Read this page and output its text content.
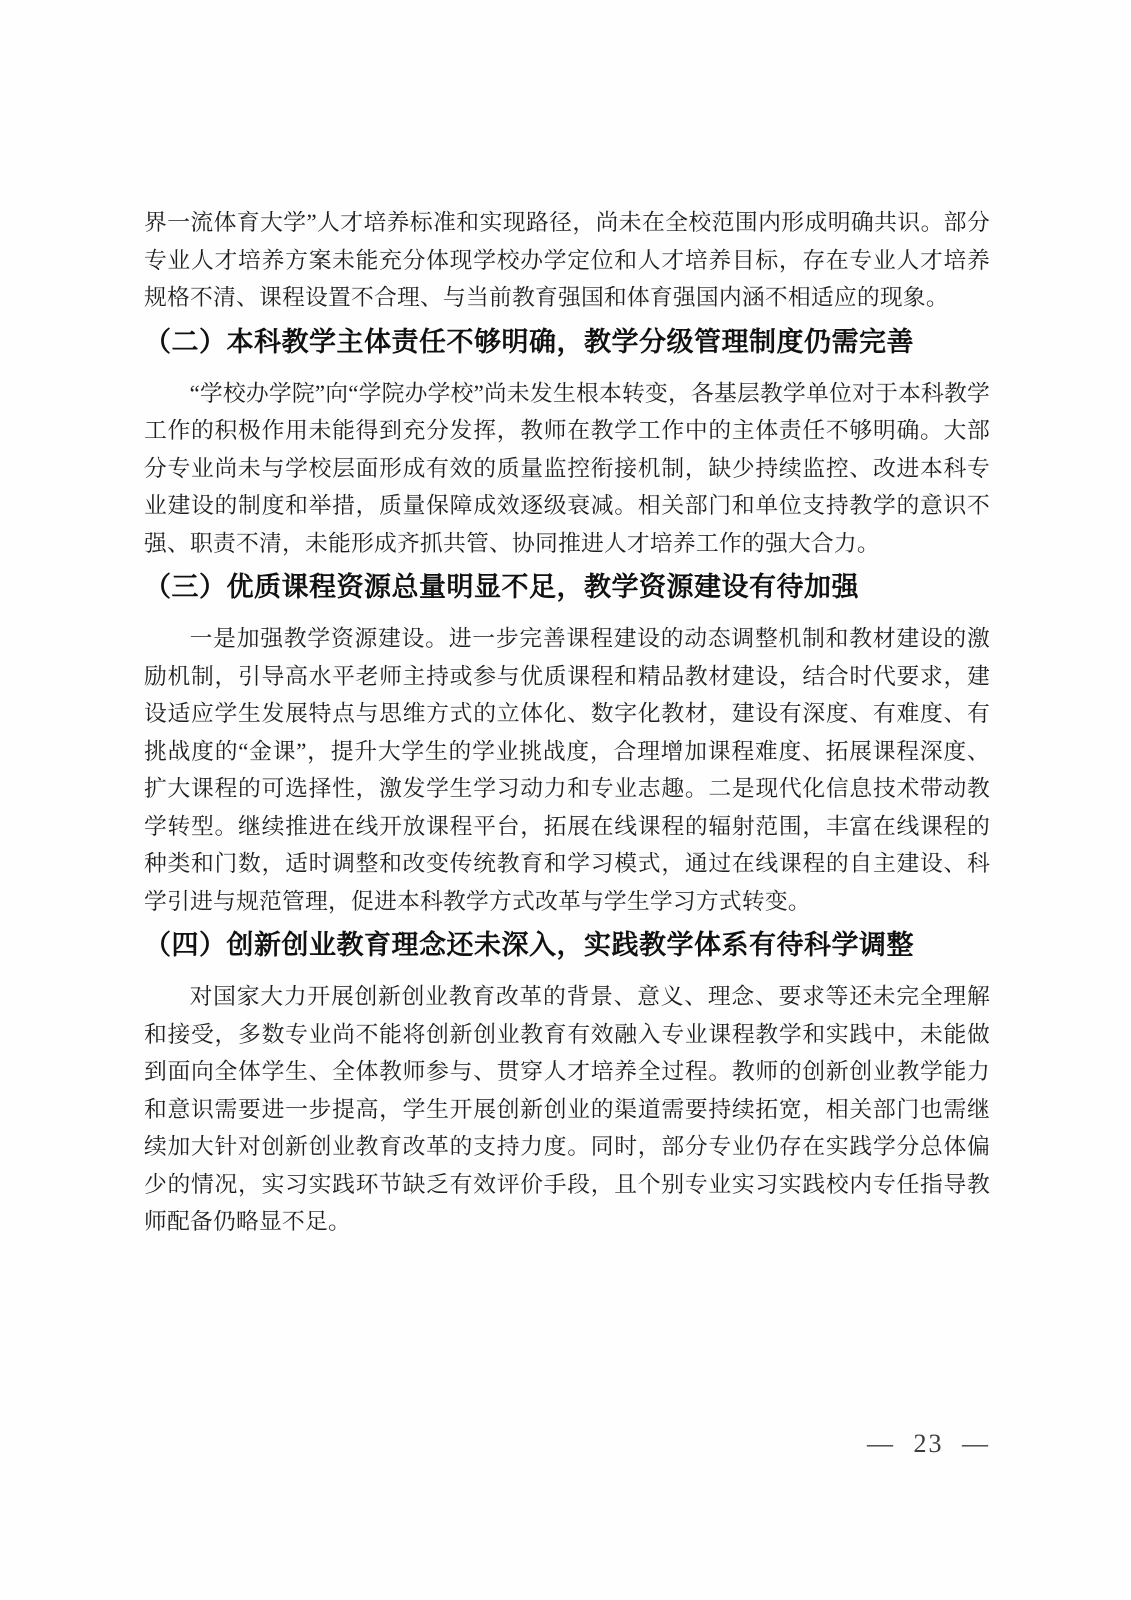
界一流体育大学”人才培养标准和实现路径，尚未在全校范围内形成明确共识。部分专业人才培养方案未能充分体现学校办学定位和人才培养目标，存在专业人才培养规格不清、课程设置不合理、与当前教育强国和体育强国内涵不相适应的现象。

（二）本科教学主体责任不够明确，教学分级管理制度仍需完善

“学校办学院”向“学院办学校”尚未发生根本转变，各基层教学单位对于本科教学工作的积极作用未能得到充分发挥，教师在教学工作中的主体责任不够明确。大部分专业尚未与学校层面形成有效的质量监控衔接机制，缺少持续监控、改进本科专业建设的制度和举措，质量保障成效逐级衰减。相关部门和单位支持教学的意识不强、职责不清，未能形成齐抓共管、协同推进人才培养工作的强大合力。

（三）优质课程资源总量明显不足，教学资源建设有待加强

一是加强教学资源建设。进一步完善课程建设的动态调整机制和教材建设的激励机制，引导高水平老师主持或参与优质课程和精品教材建设，结合时代要求，建设适应学生发展特点与思维方式的立体化、数字化教材，建设有深度、有难度、有挑战度的“金课”，提升大学生的学业挑战度，合理增加课程难度、拓展课程深度、扩大课程的可选择性，激发学生学习动力和专业志趣。二是现代化信息技术带动教学转型。继续推进在线开放课程平台，拓展在线课程的辐射范围，丰富在线课程的种类和门数，适时调整和改变传统教育和学习模式，通过在线课程的自主建设、科学引进与规范管理，促进本科教学方式改革与学生学习方式转变。

（四）创新创业教育理念还未深入，实践教学体系有待科学调整

对国家大力开展创新创业教育改革的背景、意义、理念、要求等还未完全理解和接受，多数专业尚不能将创新创业教育有效融入专业课程教学和实践中，未能做到面向全体学生、全体教师参与、贯穿人才培养全过程。教师的创新创业教学能力和意识需要进一步提高，学生开展创新创业的渠道需要持续拓宽，相关部门也需继续加大针对创新创业教育改革的支持力度。同时，部分专业仍存在实践学分总体偏少的情况，实习实践环节缺乏有效评价手段，且个别专业实习实践校内专任指导教师配备仍略显不足。

— 23 —
